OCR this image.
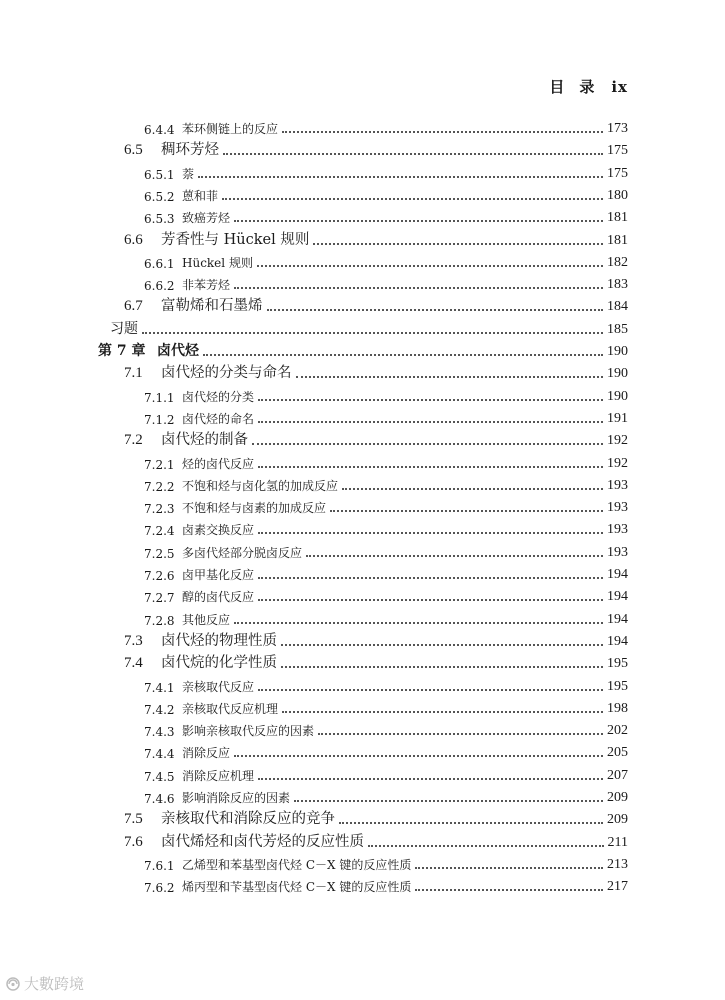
目 录 ix
6.4.4 苯环侧链上的反应	173
6.5	稠环芳烃	175
6.5.1 萘	175
6.5.2 蒽和菲	180
6.5.3 致癌芳烃	181
6.6	芳香性与 Hückel 规则	181
6.6.1 Hückel 规则	182
6.6.2 非苯芳烃	183
6.7	富勒烯和石墨烯	184
习题	185
第 7 章 卤代烃	190
7.1	卤代烃的分类与命名	190
7.1.1 卤代烃的分类	190
7.1.2 卤代烃的命名	191
7.2	卤代烃的制备	192
7.2.1 烃的卤代反应	192
7.2.2 不饱和烃与卤化氢的加成反应	193
7.2.3 不饱和烃与卤素的加成反应	193
7.2.4 卤素交换反应	193
7.2.5 多卤代烃部分脱卤反应	193
7.2.6 卤甲基化反应	194
7.2.7 醇的卤代反应	194
7.2.8 其他反应	194
7.3	卤代烃的物理性质	194
7.4	卤代烷的化学性质	195
7.4.1 亲核取代反应	195
7.4.2 亲核取代反应机理	198
7.4.3 影响亲核取代反应的因素	202
7.4.4 消除反应	205
7.4.5 消除反应机理	207
7.4.6 影响消除反应的因素	209
7.5	亲核取代和消除反应的竞争	209
7.6	卤代烯烃和卤代芳烃的反应性质	211
7.6.1 乙烯型和苯基型卤代烃 C－X 键的反应性质	213
7.6.2 烯丙型和苄基型卤代烃 C－X 键的反应性质	217
大數跨境
